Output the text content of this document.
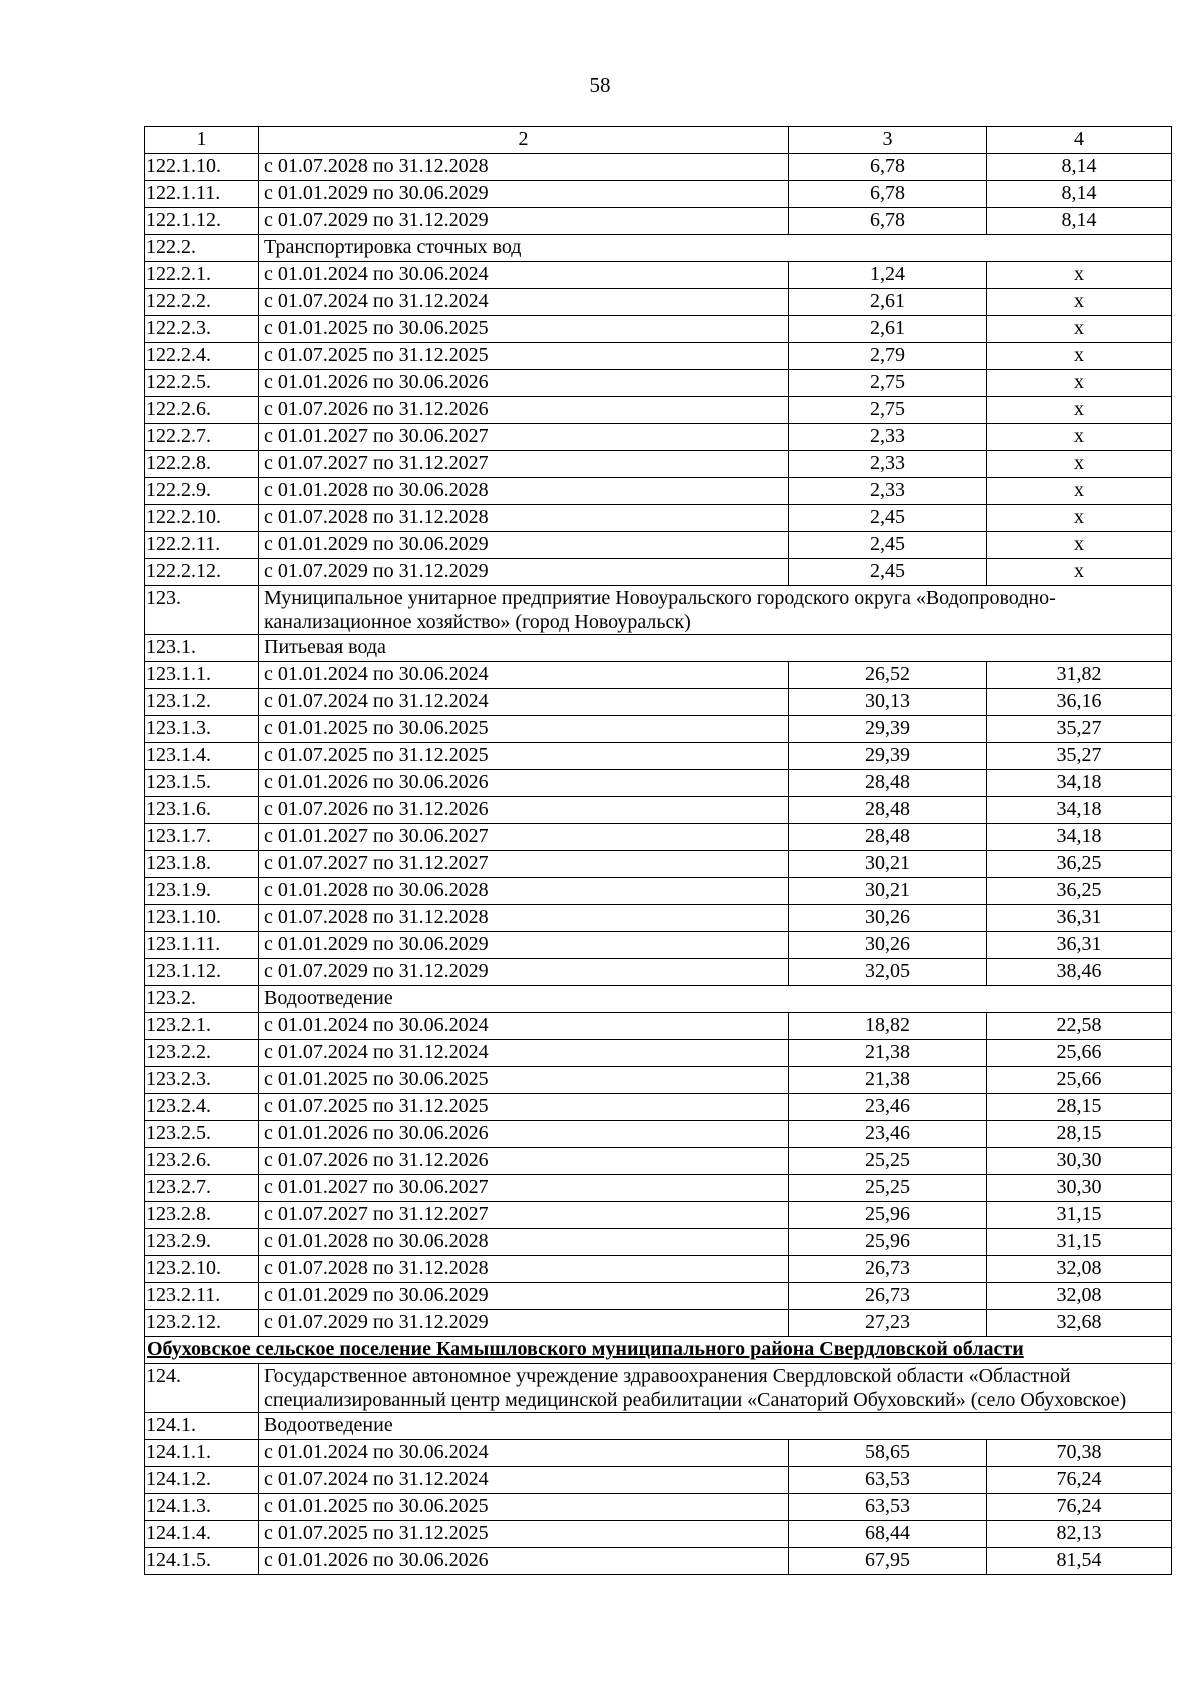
58
1	2	3	4
122.1.10.	с 01.07.2028 по 31.12.2028	6,78	8,14
122.1.11.	с 01.01.2029 по 30.06.2029	6,78	8,14
122.1.12.	с 01.07.2029 по 31.12.2029	6,78	8,14
122.2.	Транспортировка сточных вод		
122.2.1.	с 01.01.2024 по 30.06.2024	1,24	х
122.2.2.	с 01.07.2024 по 31.12.2024	2,61	х
122.2.3.	с 01.01.2025 по 30.06.2025	2,61	х
122.2.4.	с 01.07.2025 по 31.12.2025	2,79	х
122.2.5.	с 01.01.2026 по 30.06.2026	2,75	х
122.2.6.	с 01.07.2026 по 31.12.2026	2,75	х
122.2.7.	с 01.01.2027 по 30.06.2027	2,33	х
122.2.8.	с 01.07.2027 по 31.12.2027	2,33	х
122.2.9.	с 01.01.2028 по 30.06.2028	2,33	х
122.2.10.	с 01.07.2028 по 31.12.2028	2,45	х
122.2.11.	с 01.01.2029 по 30.06.2029	2,45	х
122.2.12.	с 01.07.2029 по 31.12.2029	2,45	х
123.	Муниципальное унитарное предприятие Новоуральского городского округа «Водопроводно-канализационное хозяйство» (город Новоуральск)		
123.1.	Питьевая вода		
123.1.1.	с 01.01.2024 по 30.06.2024	26,52	31,82
123.1.2.	с 01.07.2024 по 31.12.2024	30,13	36,16
123.1.3.	с 01.01.2025 по 30.06.2025	29,39	35,27
123.1.4.	с 01.07.2025 по 31.12.2025	29,39	35,27
123.1.5.	с 01.01.2026 по 30.06.2026	28,48	34,18
123.1.6.	с 01.07.2026 по 31.12.2026	28,48	34,18
123.1.7.	с 01.01.2027 по 30.06.2027	28,48	34,18
123.1.8.	с 01.07.2027 по 31.12.2027	30,21	36,25
123.1.9.	с 01.01.2028 по 30.06.2028	30,21	36,25
123.1.10.	с 01.07.2028 по 31.12.2028	30,26	36,31
123.1.11.	с 01.01.2029 по 30.06.2029	30,26	36,31
123.1.12.	с 01.07.2029 по 31.12.2029	32,05	38,46
123.2.	Водоотведение		
123.2.1.	с 01.01.2024 по 30.06.2024	18,82	22,58
123.2.2.	с 01.07.2024 по 31.12.2024	21,38	25,66
123.2.3.	с 01.01.2025 по 30.06.2025	21,38	25,66
123.2.4.	с 01.07.2025 по 31.12.2025	23,46	28,15
123.2.5.	с 01.01.2026 по 30.06.2026	23,46	28,15
123.2.6.	с 01.07.2026 по 31.12.2026	25,25	30,30
123.2.7.	с 01.01.2027 по 30.06.2027	25,25	30,30
123.2.8.	с 01.07.2027 по 31.12.2027	25,96	31,15
123.2.9.	с 01.01.2028 по 30.06.2028	25,96	31,15
123.2.10.	с 01.07.2028 по 31.12.2028	26,73	32,08
123.2.11.	с 01.01.2029 по 30.06.2029	26,73	32,08
123.2.12.	с 01.07.2029 по 31.12.2029	27,23	32,68
Обуховское сельское поселение Камышловского муниципального района Свердловской области			
124.	Государственное автономное учреждение здравоохранения Свердловской области «Областной специализированный центр медицинской реабилитации «Санаторий Обуховский» (село Обуховское)		
124.1.	Водоотведение		
124.1.1.	с 01.01.2024 по 30.06.2024	58,65	70,38
124.1.2.	с 01.07.2024 по 31.12.2024	63,53	76,24
124.1.3.	с 01.01.2025 по 30.06.2025	63,53	76,24
124.1.4.	с 01.07.2025 по 31.12.2025	68,44	82,13
124.1.5.	с 01.01.2026 по 30.06.2026	67,95	81,54
